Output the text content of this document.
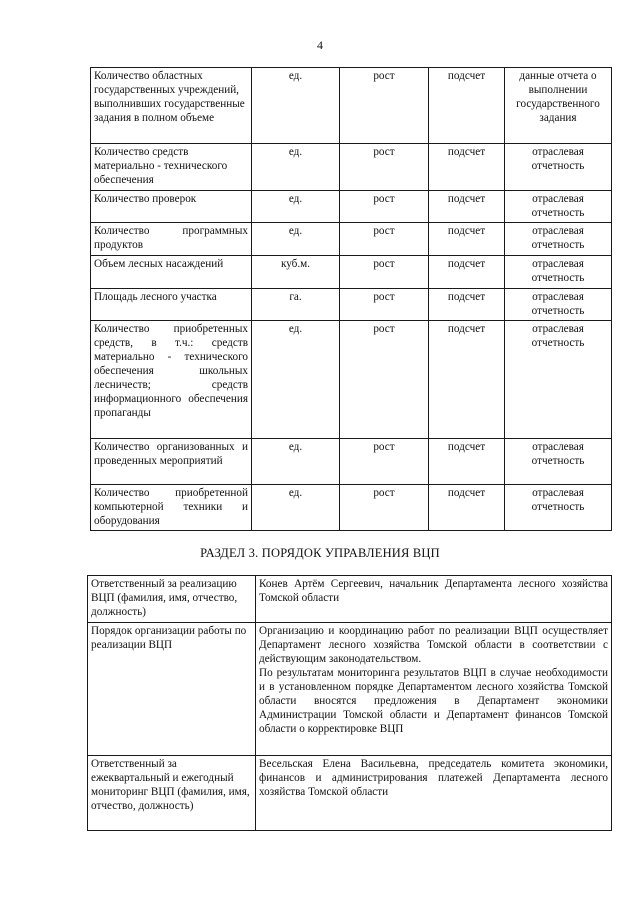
4
Количество областных государственных учреждений, выполнивших государственные задания в полном объеме	ед.	рост	подсчет	данные отчета о выполнении государственного задания
Количество средств материально - технического обеспечения	ед.	рост	подсчет	отраслевая отчетность
Количество проверок	ед.	рост	подсчет	отраслевая отчетность
Количество программных продуктов	ед.	рост	подсчет	отраслевая отчетность
Объем лесных насаждений	куб.м.	рост	подсчет	отраслевая отчетность
Площадь лесного участка	га.	рост	подсчет	отраслевая отчетность
Количество приобретенных средств, в т.ч.: средств материально - технического обеспечения школьных лесничеств; средств информационного обеспечения пропаганды	ед.	рост	подсчет	отраслевая отчетность
Количество организованных и проведенных мероприятий	ед.	рост	подсчет	отраслевая отчетность
Количество приобретенной компьютерной техники и оборудования	ед.	рост	подсчет	отраслевая отчетность
РАЗДЕЛ 3. ПОРЯДОК УПРАВЛЕНИЯ ВЦП
Ответственный за реализацию ВЦП (фамилия, имя, отчество, должность)	Конев Артём Сергеевич, начальник Департамента лесного хозяйства Томской области
Порядок организации работы по реализации ВЦП	Организацию и координацию работ по реализации ВЦП осуществляет Департамент лесного хозяйства Томской области в соответствии с действующим законодательством.
По результатам мониторинга результатов ВЦП в случае необходимости и в установленном порядке Департаментом лесного хозяйства Томской области вносятся предложения в Департамент экономики Администрации Томской области и Департамент финансов Томской области о корректировке ВЦП

Ответственный за ежеквартальный и ежегодный мониторинг ВЦП (фамилия, имя, отчество, должность)	Весельская Елена Васильевна, председатель комитета экономики, финансов и администрирования платежей Департамента лесного хозяйства Томской области
